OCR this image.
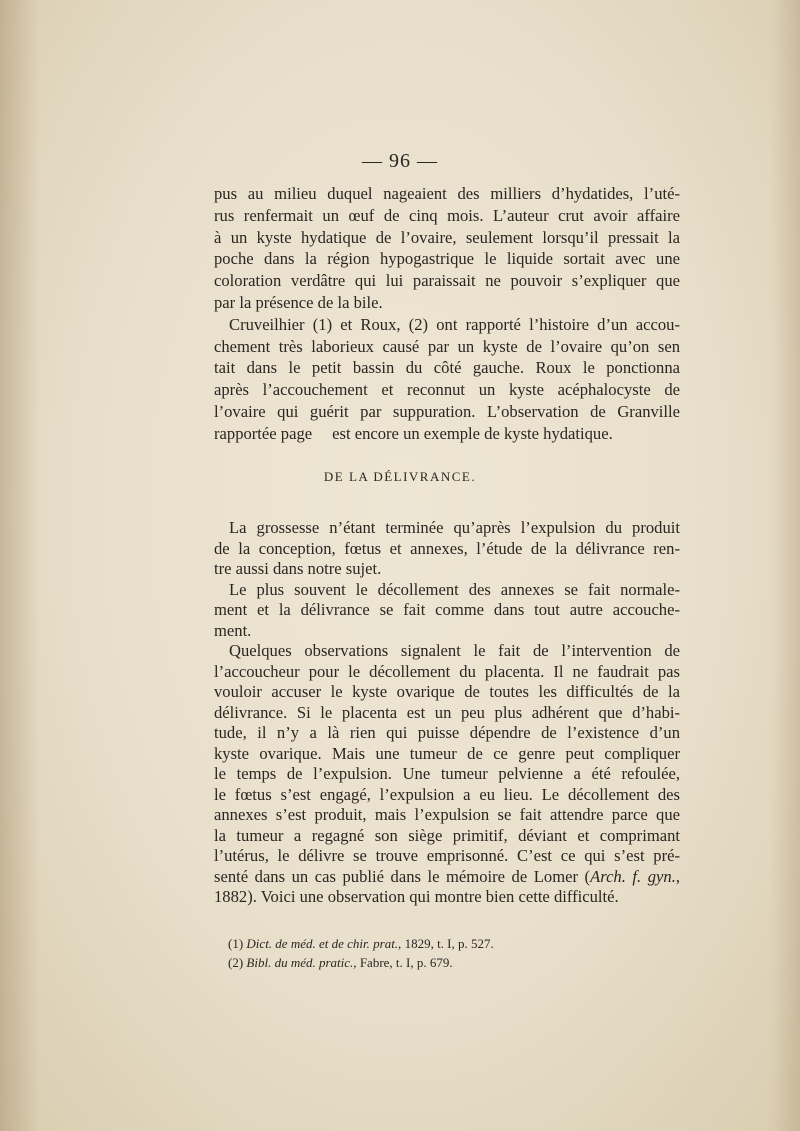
— 96 —
pus au milieu duquel nageaient des milliers d’hydatides, l’uté-
rus renfermait un œuf de cinq mois. L’auteur crut avoir affaire
à un kyste hydatique de l’ovaire, seulement lorsqu’il pressait la
poche dans la région hypogastrique le liquide sortait avec une
coloration verdâtre qui lui paraissait ne pouvoir s’expliquer que
par la présence de la bile.
Cruveilhier (1) et Roux, (2) ont rapporté l’histoire d’un accou-
chement très laborieux causé par un kyste de l’ovaire qu’on sen
tait dans le petit bassin du côté gauche. Roux le ponctionna
après l’accouchement et reconnut un kyste acéphalocyste de
l’ovaire qui guérit par suppuration. L’observation de Granville
rapportée page est encore un exemple de kyste hydatique.
DE LA DÉLIVRANCE.
La grossesse n’étant terminée qu’après l’expulsion du produit
de la conception, fœtus et annexes, l’étude de la délivrance ren-
tre aussi dans notre sujet.
Le plus souvent le décollement des annexes se fait normale-
ment et la délivrance se fait comme dans tout autre accouche-
ment.
Quelques observations signalent le fait de l’intervention de
l’accoucheur pour le décollement du placenta. Il ne faudrait pas
vouloir accuser le kyste ovarique de toutes les difficultés de la
délivrance. Si le placenta est un peu plus adhérent que d’habi-
tude, il n’y a là rien qui puisse dépendre de l’existence d’un
kyste ovarique. Mais une tumeur de ce genre peut compliquer
le temps de l’expulsion. Une tumeur pelvienne a été refoulée,
le fœtus s’est engagé, l’expulsion a eu lieu. Le décollement des
annexes s’est produit, mais l’expulsion se fait attendre parce que
la tumeur a regagné son siège primitif, déviant et comprimant
l’utérus, le délivre se trouve emprisonné. C’est ce qui s’est pré-
senté dans un cas publié dans le mémoire de Lomer (Arch. f. gyn.,
1882). Voici une observation qui montre bien cette difficulté.
(1) Dict. de méd. et de chir. prat., 1829, t. I, p. 527.
(2) Bibl. du méd. pratic., Fabre, t. I, p. 679.
